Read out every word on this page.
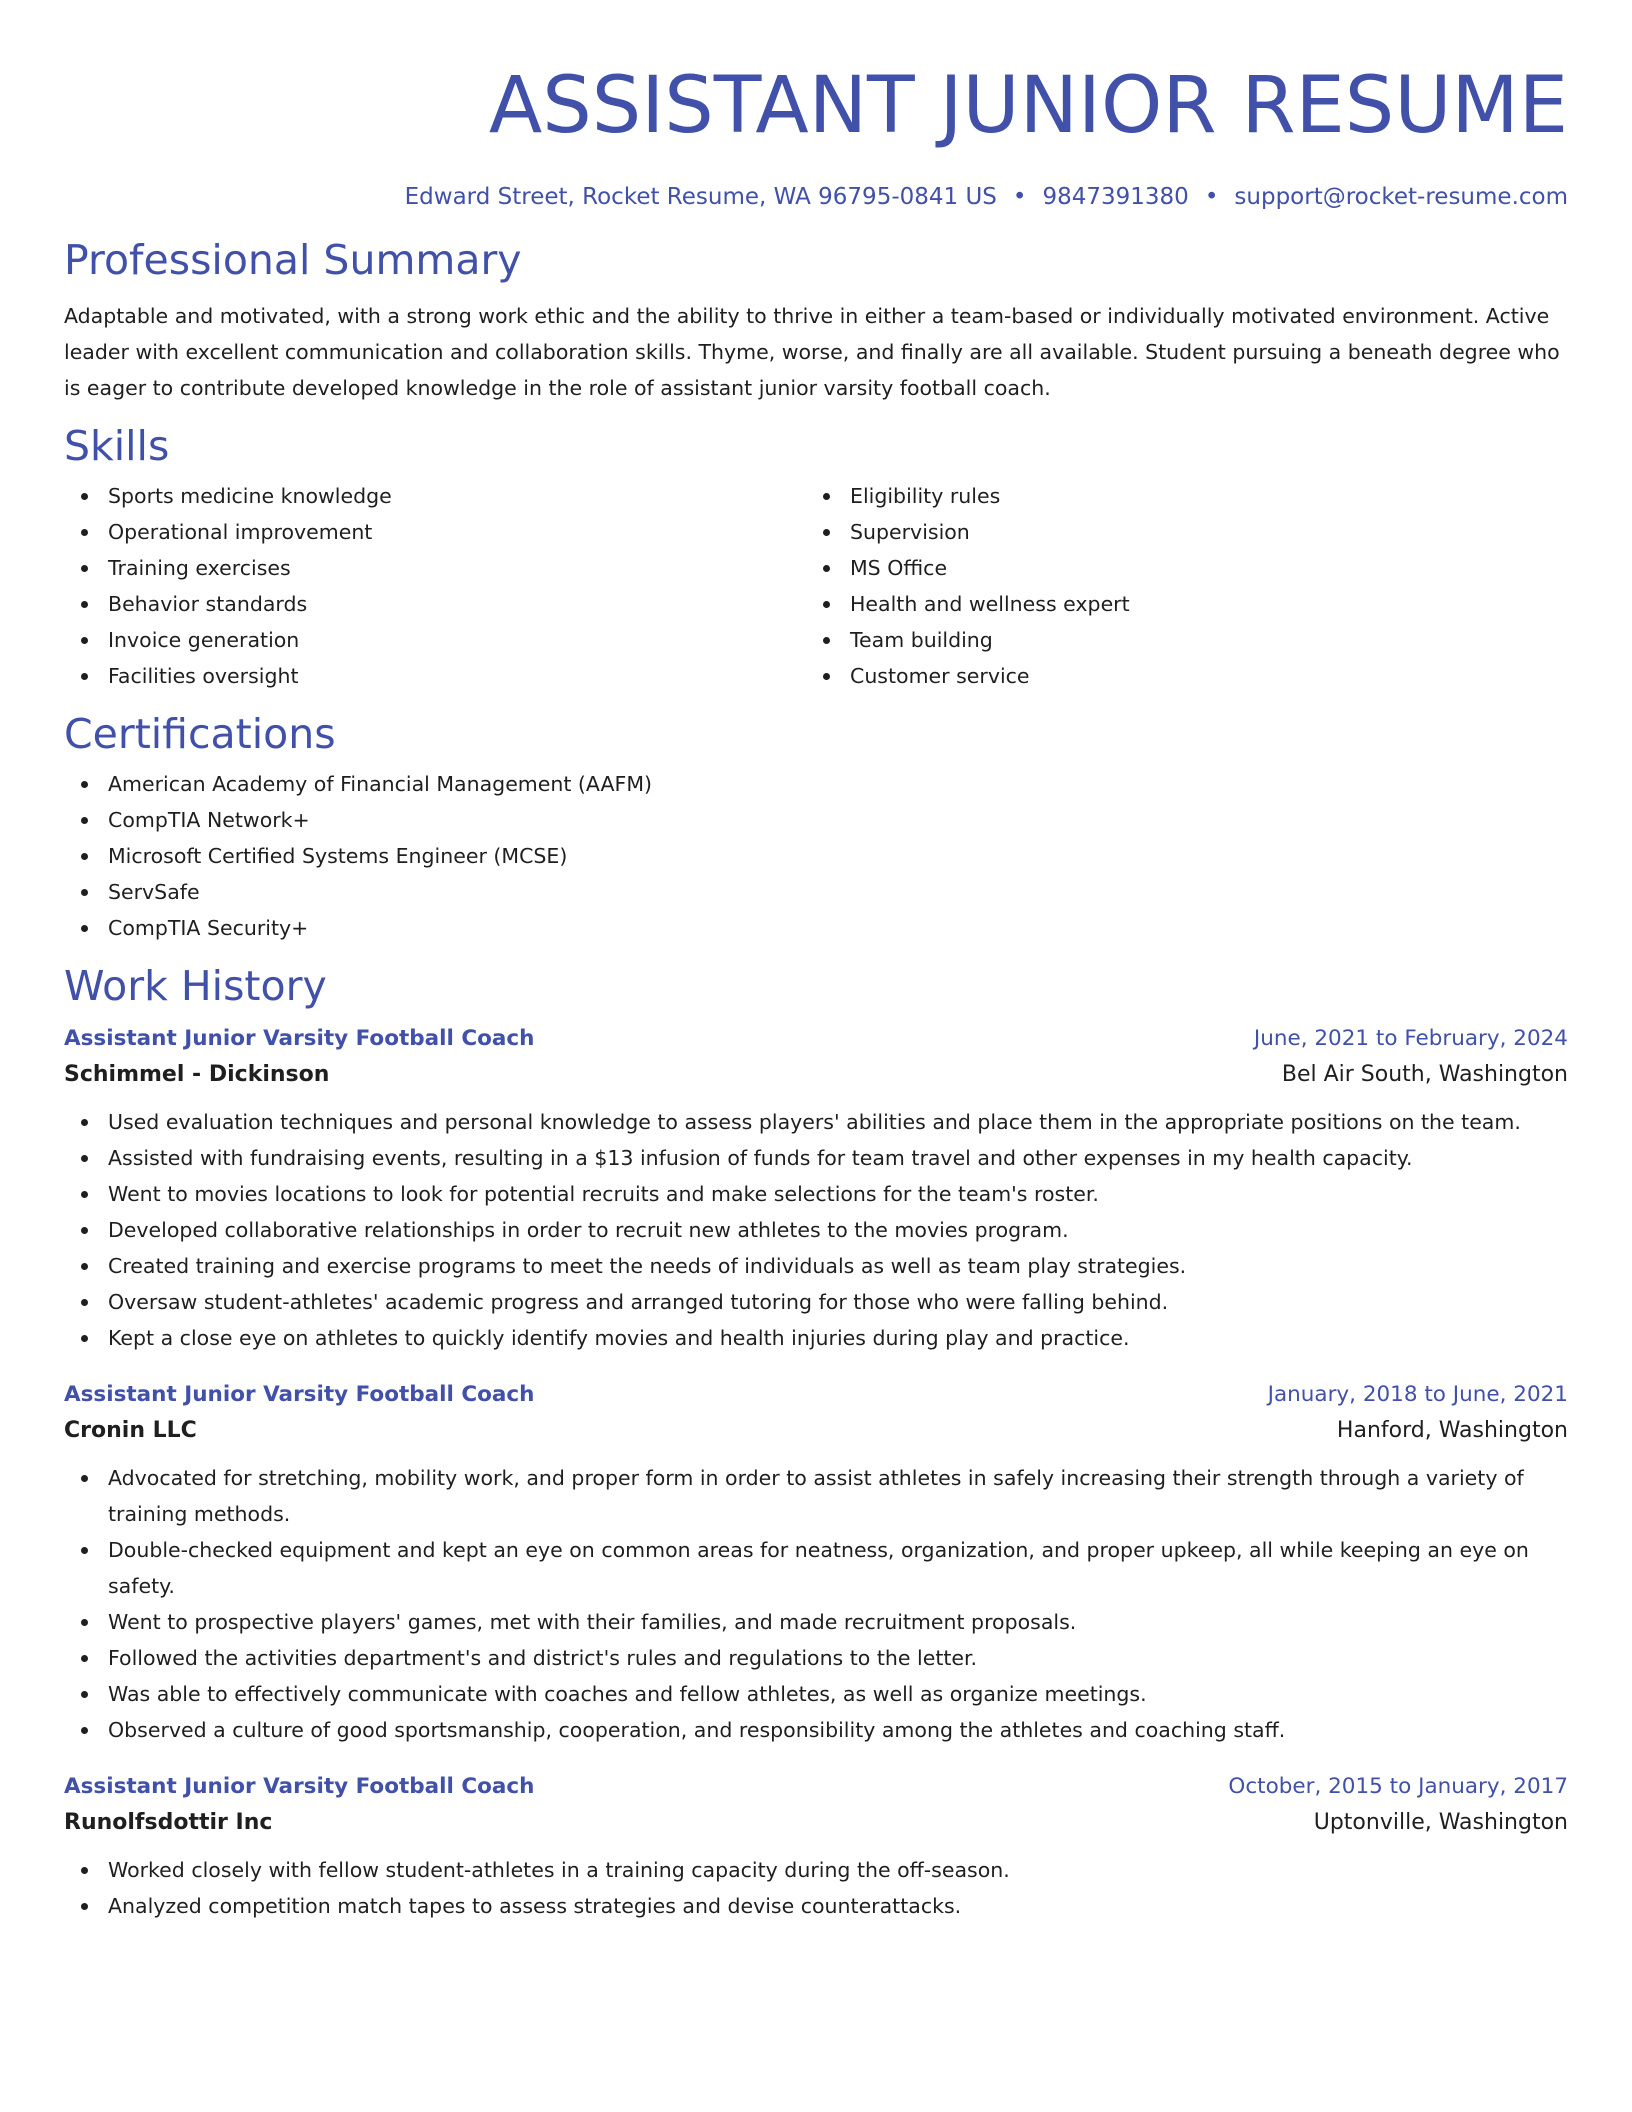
ASSISTANT JUNIOR RESUME
Edward Street, Rocket Resume, WA 96795-0841 US • 9847391380 • support@rocket-resume.com
Professional Summary

Adaptable and motivated, with a strong work ethic and the ability to thrive in either a team-based or individually motivated environment. Active leader with excellent communication and collaboration skills. Thyme, worse, and finally are all available. Student pursuing a beneath degree who is eager to contribute developed knowledge in the role of assistant junior varsity football coach.

Skills
Sports medicine knowledge
Operational improvement
Training exercises
Behavior standards
Invoice generation
Facilities oversight
Eligibility rules
Supervision
MS Office
Health and wellness expert
Team building
Customer service
Certifications
American Academy of Financial Management (AAFM)
CompTIA Network+
Microsoft Certified Systems Engineer (MCSE)
ServSafe
CompTIA Security+
Work History
Assistant Junior Varsity Football Coach	June, 2021 to February, 2024
Schimmel - Dickinson	Bel Air South, Washington
Used evaluation techniques and personal knowledge to assess players' abilities and place them in the appropriate positions on the team.
Assisted with fundraising events, resulting in a $13 infusion of funds for team travel and other expenses in my health capacity.
Went to movies locations to look for potential recruits and make selections for the team's roster.
Developed collaborative relationships in order to recruit new athletes to the movies program.
Created training and exercise programs to meet the needs of individuals as well as team play strategies.
Oversaw student-athletes' academic progress and arranged tutoring for those who were falling behind.
Kept a close eye on athletes to quickly identify movies and health injuries during play and practice.
Assistant Junior Varsity Football Coach	January, 2018 to June, 2021
Cronin LLC	Hanford, Washington
Advocated for stretching, mobility work, and proper form in order to assist athletes in safely increasing their strength through a variety of training methods.
Double-checked equipment and kept an eye on common areas for neatness, organization, and proper upkeep, all while keeping an eye on safety.
Went to prospective players' games, met with their families, and made recruitment proposals.
Followed the activities department's and district's rules and regulations to the letter.
Was able to effectively communicate with coaches and fellow athletes, as well as organize meetings.
Observed a culture of good sportsmanship, cooperation, and responsibility among the athletes and coaching staff.
Assistant Junior Varsity Football Coach	October, 2015 to January, 2017
Runolfsdottir Inc	Uptonville, Washington
Worked closely with fellow student-athletes in a training capacity during the off-season.
Analyzed competition match tapes to assess strategies and devise counterattacks.
